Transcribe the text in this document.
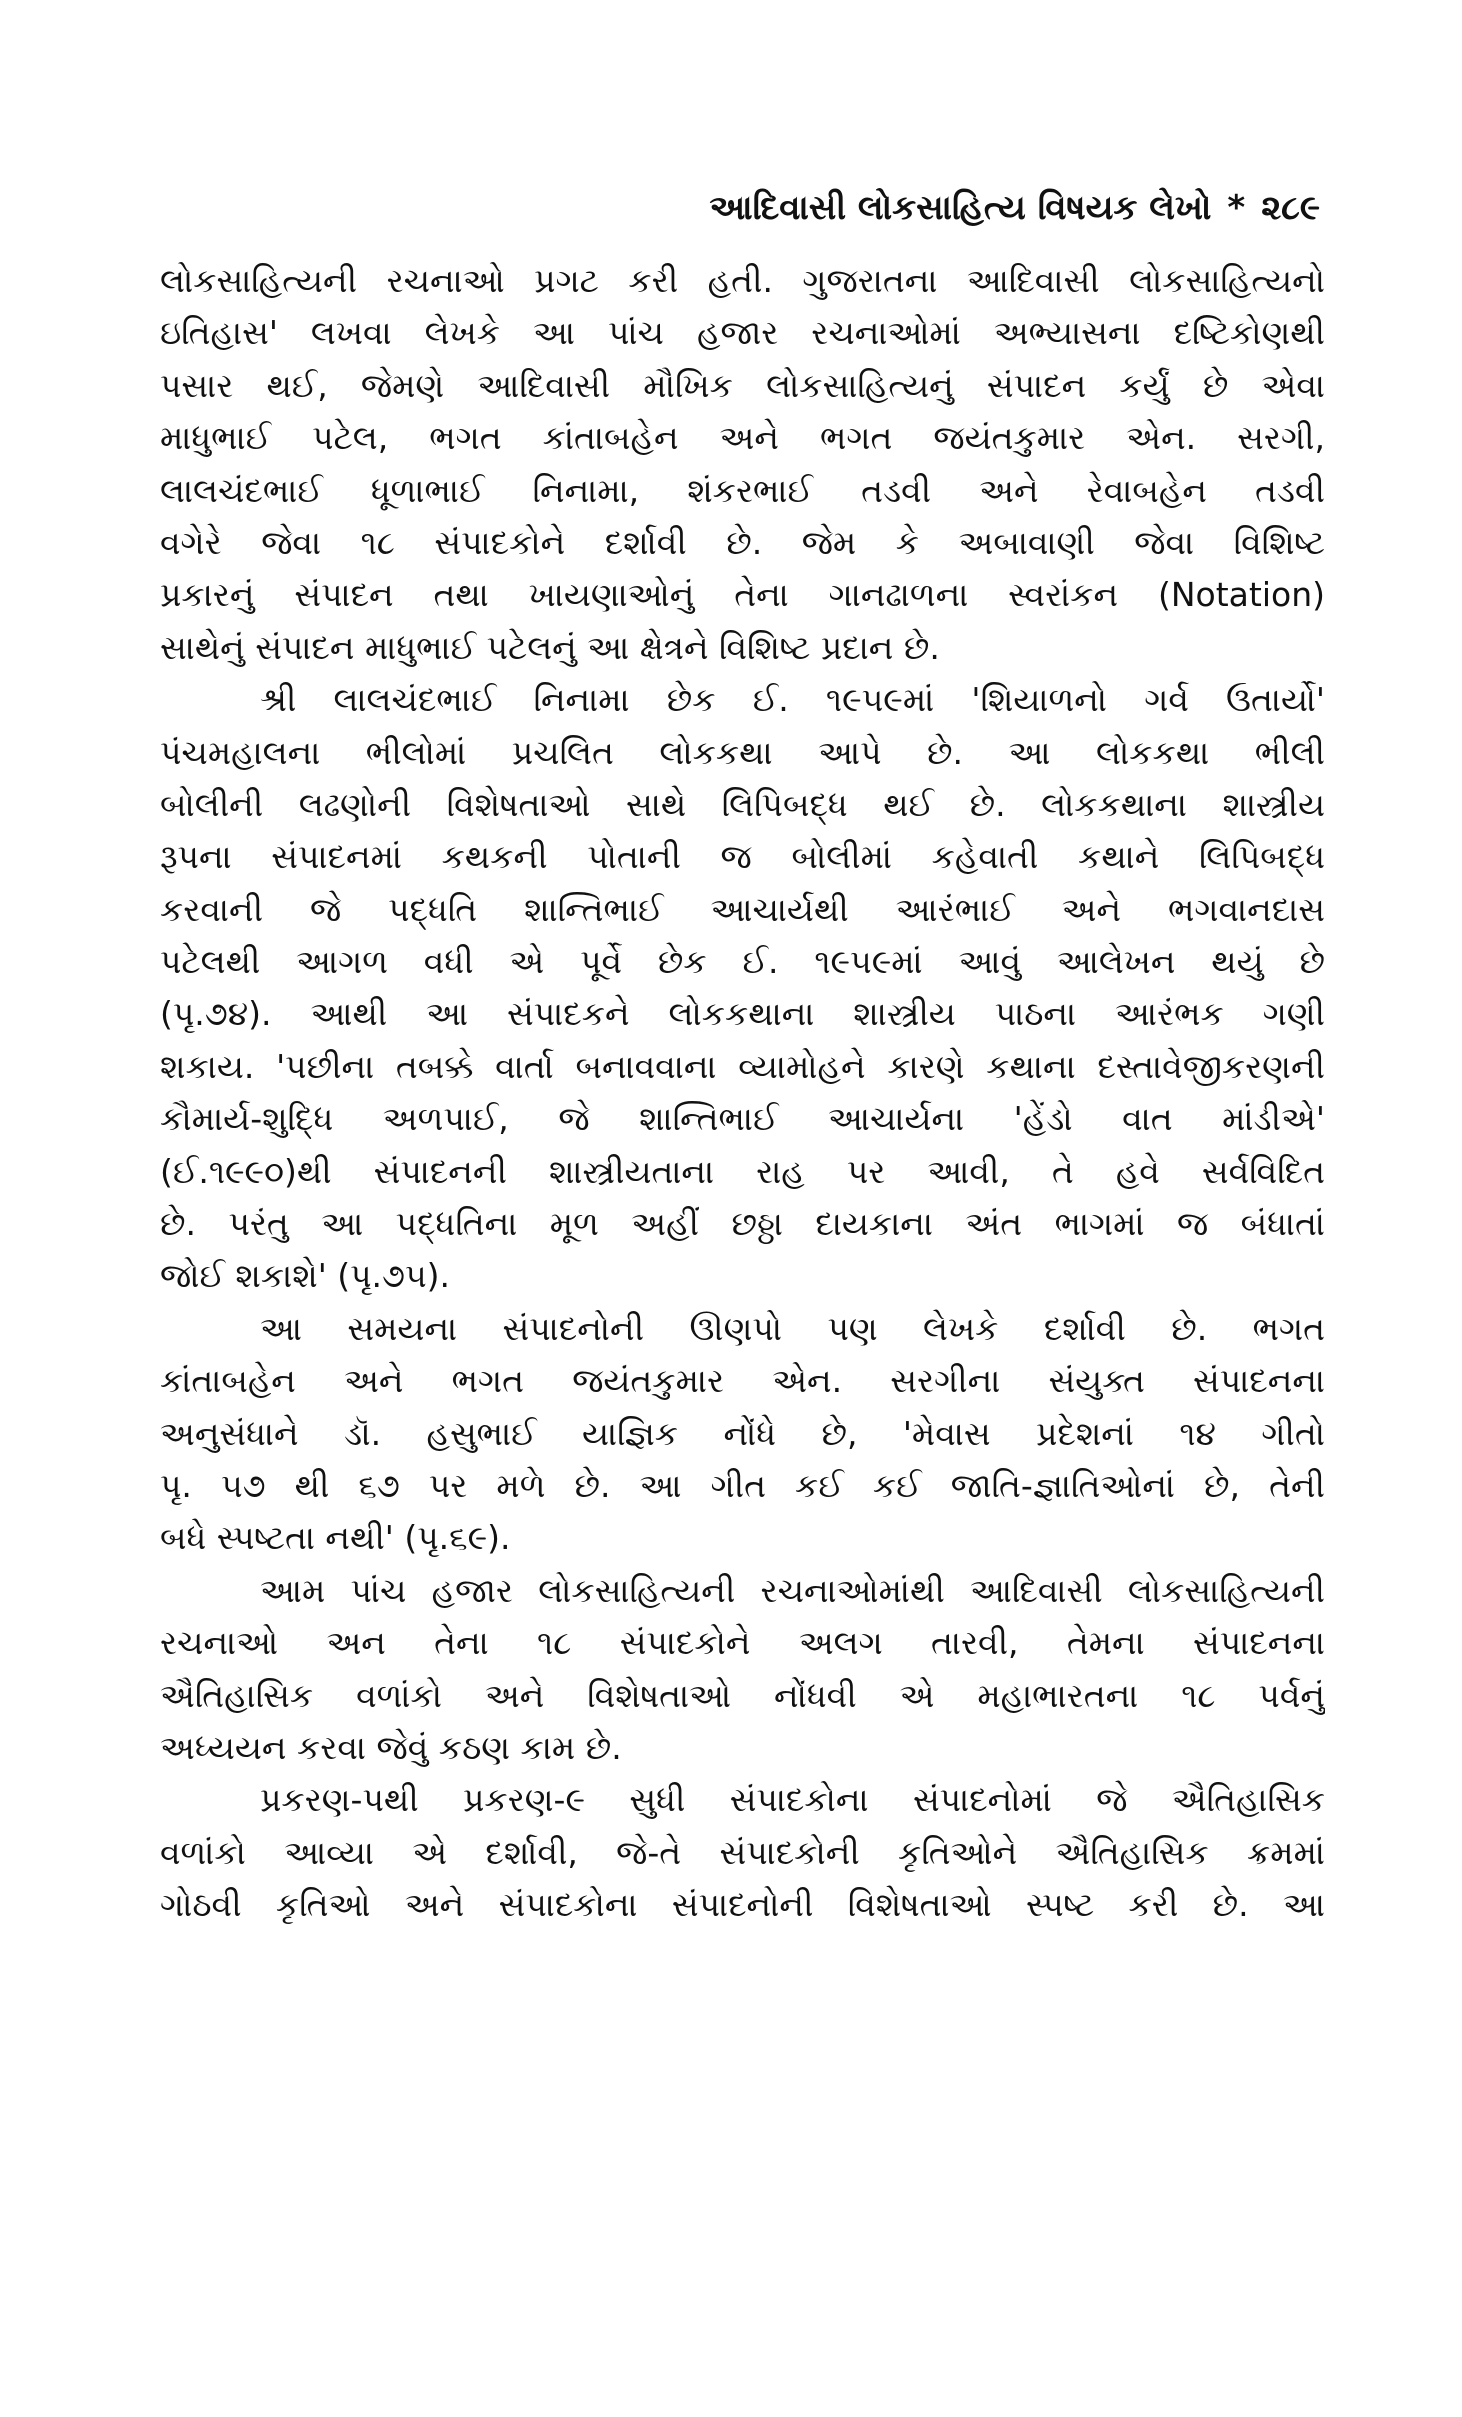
આદિવાસી લોકસાહિત્ય વિષયક લેખો * ૨૮૯
લોકસાહિત્યની રચનાઓ પ્રગટ કરી હતી. ગુજરાતના આદિવાસી લોકસાહિત્યનો
ઇતિહાસ' લખવા લેખકે આ પાંચ હજાર રચનાઓમાં અભ્યાસના દષ્ટિકોણથી
પસાર થઈ, જેમણે આદિવાસી મૌખિક લોકસાહિત્યનું સંપાદન કર્યું છે એવા
માધુભાઈ પટેલ, ભગત કાંતાબહેન અને ભગત જયંતકુમાર એન. સરગી,
લાલચંદભાઈ ધૂળાભાઈ નિનામા, શંકરભાઈ તડવી અને રેવાબહેન તડવી
વગેરે જેવા ૧૮ સંપાદકોને દર્શાવી છે. જેમ કે અબાવાણી જેવા વિશિષ્ટ
પ્રકારનું સંપાદન તથા ખાયણાઓનું તેના ગાનઢાળના સ્વરાંકન (Notation)
સાથેનું સંપાદન માધુભાઈ પટેલનું આ ક્ષેત્રને વિશિષ્ટ પ્રદાન છે.
શ્રી લાલચંદભાઈ નિનામા છેક ઈ. ૧૯૫૯માં 'શિયાળનો ગર્વ ઉતાર્યો'
પંચમહાલના ભીલોમાં પ્રચલિત લોકકથા આપે છે. આ લોકકથા ભીલી
બોલીની લઢણોની વિશેષતાઓ સાથે લિપિબદ્ધ થઈ છે. લોકકથાના શાસ્ત્રીય
રૂપના સંપાદનમાં કથકની પોતાની જ બોલીમાં કહેવાતી કથાને લિપિબદ્ધ
કરવાની જે પદ્ધતિ શાન્તિભાઈ આચાર્યથી આરંભાઈ અને ભગવાનદાસ
પટેલથી આગળ વધી એ પૂર્વે છેક ઈ. ૧૯૫૯માં આવું આલેખન થયું છે
(પૃ.૭૪). આથી આ સંપાદકને લોકકથાના શાસ્ત્રીય પાઠના આરંભક ગણી
શકાય. 'પછીના તબક્કે વાર્તા બનાવવાના વ્યામોહને કારણે કથાના દસ્તાવેજીકરણની
કૌમાર્ય-શુદ્ધિ અળપાઈ, જે શાન્તિભાઈ આચાર્યના 'હેંડો વાત માંડીએ'
(ઈ.૧૯૯૦)થી સંપાદનની શાસ્ત્રીયતાના રાહ પર આવી, તે હવે સર્વવિદિત
છે. પરંતુ આ પદ્ધતિના મૂળ અહીં છઠ્ઠા દાયકાના અંત ભાગમાં જ બંધાતાં
જોઈ શકાશે' (પૃ.૭૫).
આ સમયના સંપાદનોની ઊણપો પણ લેખકે દર્શાવી છે. ભગત
કાંતાબહેન અને ભગત જયંતકુમાર એન. સરગીના સંયુક્ત સંપાદનના
અનુસંધાને ડૉ. હસુભાઈ યાજ્ઞિક નોંધે છે, 'મેવાસ પ્રદેશનાં ૧૪ ગીતો
પૃ. ૫૭ થી ૬૭ પર મળે છે. આ ગીત કઈ કઈ જાતિ-જ્ઞાતિઓનાં છે, તેની
બધે સ્પષ્ટતા નથી' (પૃ.૬૯).
આમ પાંચ હજાર લોકસાહિત્યની રચનાઓમાંથી આદિવાસી લોકસાહિત્યની
રચનાઓ અન તેના ૧૮ સંપાદકોને અલગ તારવી, તેમના સંપાદનના
ઐતિહાસિક વળાંકો અને વિશેષતાઓ નોંધવી એ મહાભારતના ૧૮ પર્વનું
અધ્યયન કરવા જેવું કઠણ કામ છે.
પ્રકરણ-પથી પ્રકરણ-૯ સુધી સંપાદકોના સંપાદનોમાં જે ઐતિહાસિક
વળાંકો આવ્યા એ દર્શાવી, જે-તે સંપાદકોની કૃતિઓને ઐતિહાસિક ક્રમમાં
ગોઠવી કૃતિઓ અને સંપાદકોના સંપાદનોની વિશેષતાઓ સ્પષ્ટ કરી છે. આ
